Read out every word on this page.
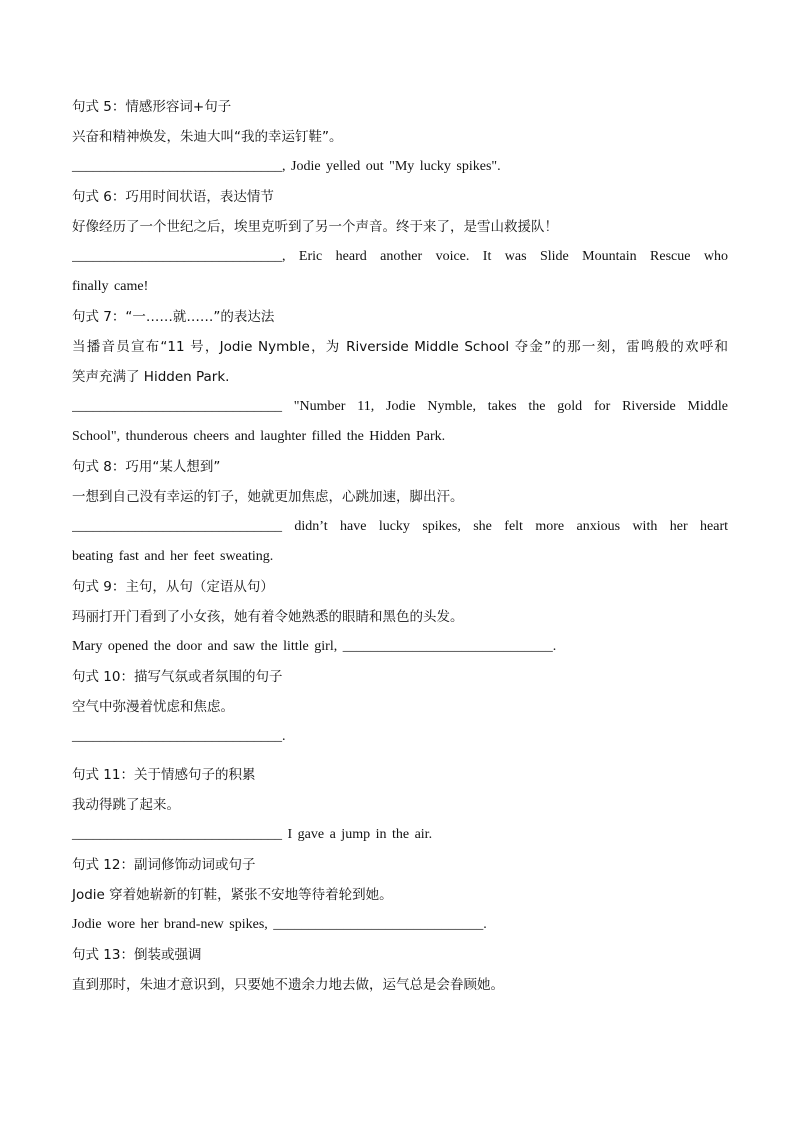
句式 5：情感形容词+句子
兴奋和精神焕发，朱迪大叫“我的幸运钉鞋”。
______________________________, Jodie yelled out "My lucky spikes".
句式 6：巧用时间状语，表达情节
好像经历了一个世纪之后，埃里克听到了另一个声音。终于来了，是雪山救援队！
______________________________, Eric heard another voice. It was Slide Mountain Rescue who
finally came!
句式 7：“一……就……”的表达法
当播音员宣布“11 号，Jodie Nymble，为 Riverside Middle School 夺金”的那一刻，雷鸣般的欢呼和
笑声充满了 Hidden Park.
______________________________ "Number 11, Jodie Nymble, takes the gold for Riverside Middle
School", thunderous cheers and laughter filled the Hidden Park.
句式 8：巧用“某人想到”
一想到自己没有幸运的钉子，她就更加焦虑，心跳加速，脚出汗。
______________________________ didn’t have lucky spikes, she felt more anxious with her heart
beating fast and her feet sweating.
句式 9：主句，从句（定语从句）
玛丽打开门看到了小女孩，她有着令她熟悉的眼睛和黑色的头发。
Mary opened the door and saw the little girl, ______________________________.
句式 10：描写气氛或者氛围的句子
空气中弥漫着忧虑和焦虑。
______________________________.
句式 11：关于情感句子的积累
我动得跳了起来。
______________________________ I gave a jump in the air.
句式 12：副词修饰动词或句子
Jodie 穿着她崭新的钉鞋，紧张不安地等待着轮到她。
Jodie wore her brand-new spikes, ______________________________.
句式 13：倒装或强调
直到那时，朱迪才意识到，只要她不遗余力地去做，运气总是会眷顾她。
